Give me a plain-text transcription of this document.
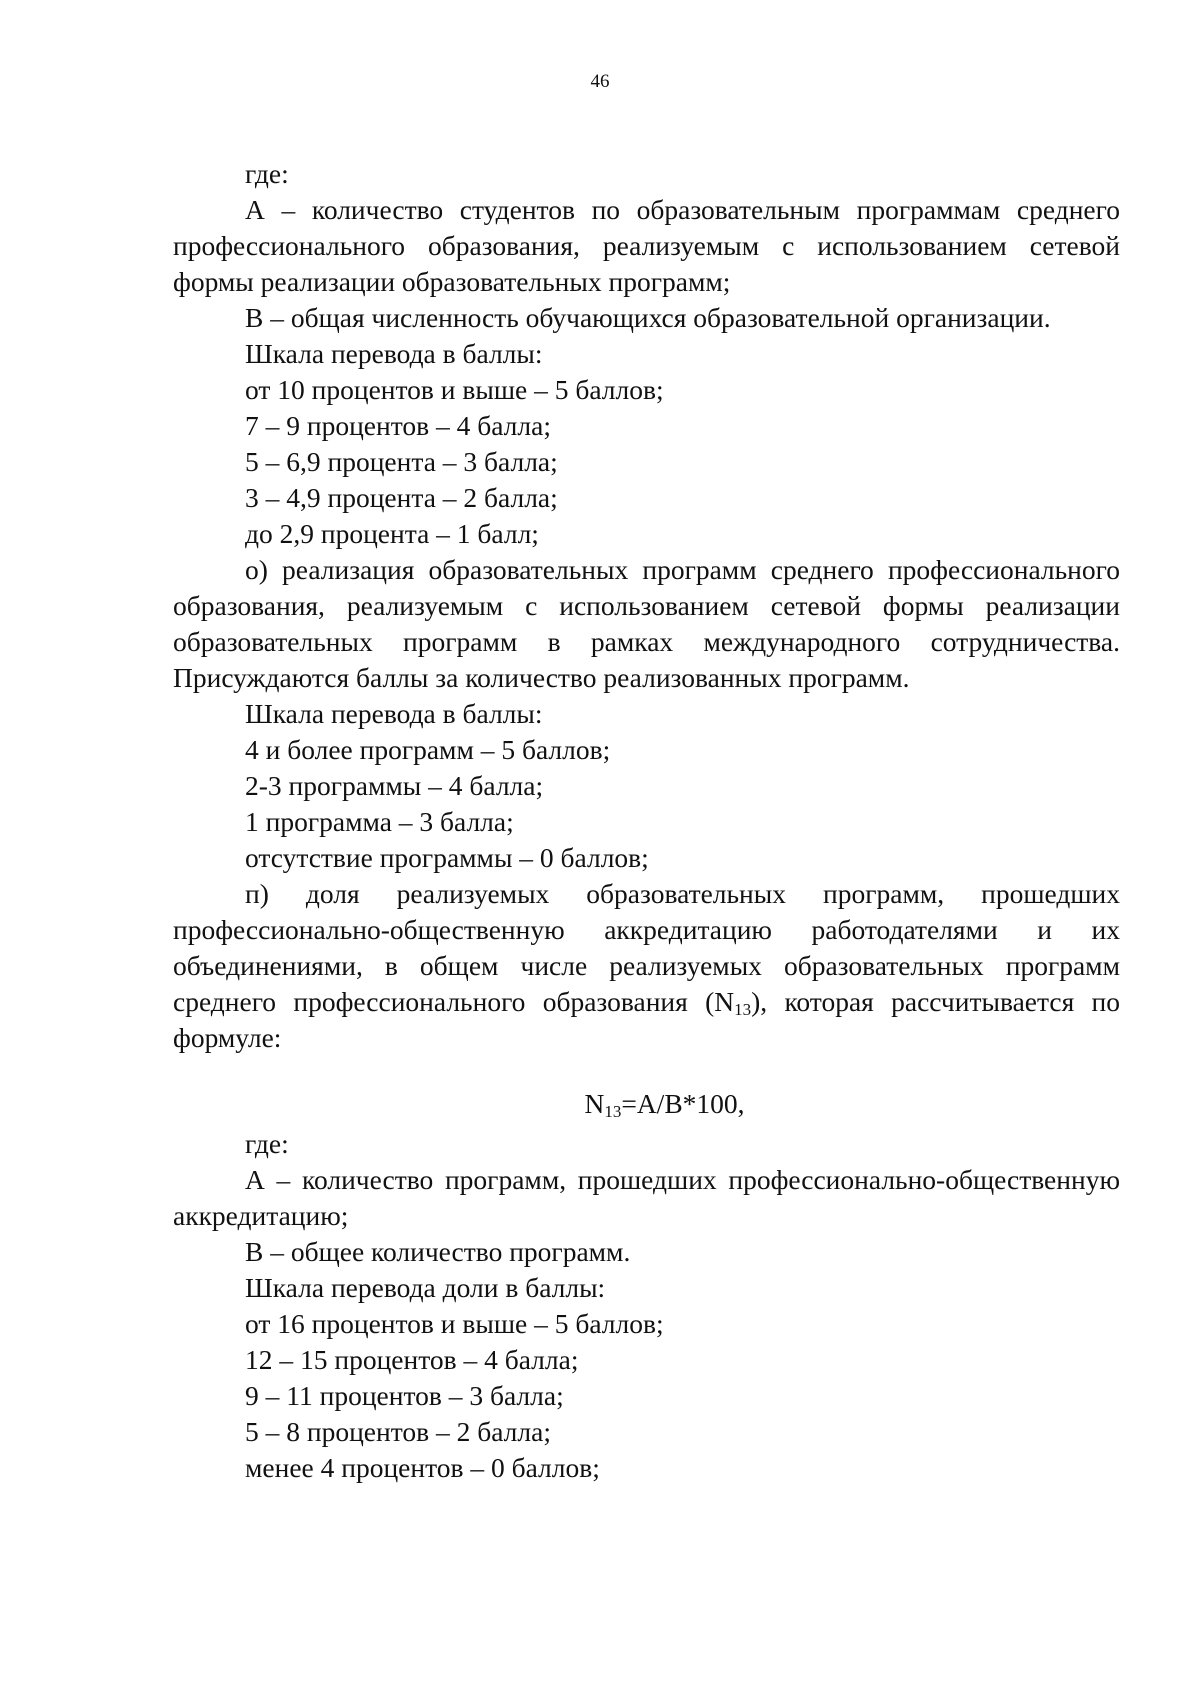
46
где:
А – количество студентов по образовательным программам среднего
профессионального образования, реализуемым с использованием сетевой
формы реализации образовательных программ;
В – общая численность обучающихся образовательной организации.
Шкала перевода в баллы:
от 10 процентов и выше – 5 баллов;
7 – 9 процентов – 4 балла;
5 – 6,9 процента – 3 балла;
3 – 4,9 процента – 2 балла;
до 2,9 процента – 1 балл;
о) реализация образовательных программ среднего профессионального
образования, реализуемым с использованием сетевой формы реализации
образовательных программ в рамках международного сотрудничества.
Присуждаются баллы за количество реализованных программ.
Шкала перевода в баллы:
4 и более программ – 5 баллов;
2-3 программы – 4 балла;
1 программа – 3 балла;
отсутствие программы – 0 баллов;
п) доля реализуемых образовательных программ, прошедших
профессионально-общественную аккредитацию работодателями и их
объединениями, в общем числе реализуемых образовательных программ
среднего профессионального образования $(N_{13})$, которая рассчитывается по
формуле:
$N_{13}=А/В*100$,
где:
А – количество программ, прошедших профессионально-общественную
аккредитацию;
В – общее количество программ.
Шкала перевода доли в баллы:
от 16 процентов и выше – 5 баллов;
12 – 15 процентов – 4 балла;
9 – 11 процентов – 3 балла;
5 – 8 процентов – 2 балла;
менее 4 процентов – 0 баллов;
